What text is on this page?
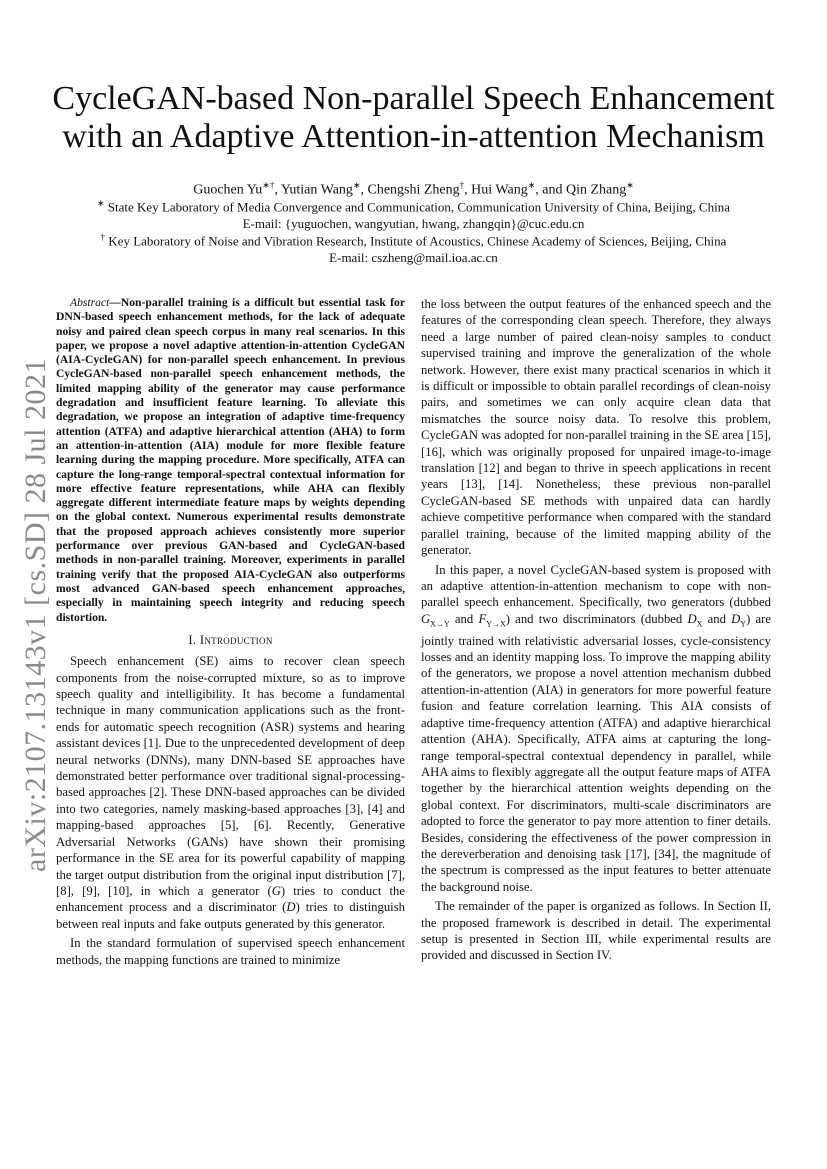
arXiv:2107.13143v1 [cs.SD] 28 Jul 2021
CycleGAN-based Non-parallel Speech Enhancement
with an Adaptive Attention-in-attention Mechanism
Guochen Yu∗†, Yutian Wang∗, Chengshi Zheng†, Hui Wang∗, and Qin Zhang∗
∗ State Key Laboratory of Media Convergence and Communication, Communication University of China, Beijing, China
E-mail: {yuguochen, wangyutian, hwang, zhangqin}@cuc.edu.cn
† Key Laboratory of Noise and Vibration Research, Institute of Acoustics, Chinese Academy of Sciences, Beijing, China
E-mail: cszheng@mail.ioa.ac.cn

Abstract—Non-parallel training is a difficult but essential task for DNN-based speech enhancement methods, for the lack of adequate noisy and paired clean speech corpus in many real scenarios. In this paper, we propose a novel adaptive attention-in-attention CycleGAN (AIA-CycleGAN) for non-parallel speech enhancement. In previous CycleGAN-based non-parallel speech enhancement methods, the limited mapping ability of the generator may cause performance degradation and insufficient feature learning. To alleviate this degradation, we propose an integration of adaptive time-frequency attention (ATFA) and adaptive hierarchical attention (AHA) to form an attention-in-attention (AIA) module for more flexible feature learning during the mapping procedure. More specifically, ATFA can capture the long-range temporal-spectral contextual information for more effective feature representations, while AHA can flexibly aggregate different intermediate feature maps by weights depending on the global context. Numerous experimental results demonstrate that the proposed approach achieves consistently more superior performance over previous GAN-based and CycleGAN-based methods in non-parallel training. Moreover, experiments in parallel training verify that the proposed AIA-CycleGAN also outperforms most advanced GAN-based speech enhancement approaches, especially in maintaining speech integrity and reducing speech distortion.

I. Introduction

Speech enhancement (SE) aims to recover clean speech components from the noise-corrupted mixture, so as to improve speech quality and intelligibility. It has become a fundamental technique in many communication applications such as the front-ends for automatic speech recognition (ASR) systems and hearing assistant devices [1]. Due to the unprecedented development of deep neural networks (DNNs), many DNN-based SE approaches have demonstrated better performance over traditional signal-processing-based approaches [2]. These DNN-based approaches can be divided into two categories, namely masking-based approaches [3], [4] and mapping-based approaches [5], [6]. Recently, Generative Adversarial Networks (GANs) have shown their promising performance in the SE area for its powerful capability of mapping the target output distribution from the original input distribution [7], [8], [9], [10], in which a generator (G) tries to conduct the enhancement process and a discriminator (D) tries to distinguish between real inputs and fake outputs generated by this generator.

In the standard formulation of supervised speech enhancement methods, the mapping functions are trained to minimize

the loss between the output features of the enhanced speech and the features of the corresponding clean speech. Therefore, they always need a large number of paired clean-noisy samples to conduct supervised training and improve the generalization of the whole network. However, there exist many practical scenarios in which it is difficult or impossible to obtain parallel recordings of clean-noisy pairs, and sometimes we can only acquire clean data that mismatches the source noisy data. To resolve this problem, CycleGAN was adopted for non-parallel training in the SE area [15], [16], which was originally proposed for unpaired image-to-image translation [12] and began to thrive in speech applications in recent years [13], [14]. Nonetheless, these previous non-parallel CycleGAN-based SE methods with unpaired data can hardly achieve competitive performance when compared with the standard parallel training, because of the limited mapping ability of the generator.

In this paper, a novel CycleGAN-based system is proposed with an adaptive attention-in-attention mechanism to cope with non-parallel speech enhancement. Specifically, two generators (dubbed $G_{X\to Y}$ and $F_{Y\to X}$) and two discriminators (dubbed $D_X$ and $D_Y$) are jointly trained with relativistic adversarial losses, cycle-consistency losses and an identity mapping loss. To improve the mapping ability of the generators, we propose a novel attention mechanism dubbed attention-in-attention (AIA) in generators for more powerful feature fusion and feature correlation learning. This AIA consists of adaptive time-frequency attention (ATFA) and adaptive hierarchical attention (AHA). Specifically, ATFA aims at capturing the long-range temporal-spectral contextual dependency in parallel, while AHA aims to flexibly aggregate all the output feature maps of ATFA together by the hierarchical attention weights depending on the global context. For discriminators, multi-scale discriminators are adopted to force the generator to pay more attention to finer details. Besides, considering the effectiveness of the power compression in the dereverberation and denoising task [17], [34], the magnitude of the spectrum is compressed as the input features to better attenuate the background noise.

The remainder of the paper is organized as follows. In Section II, the proposed framework is described in detail. The experimental setup is presented in Section III, while experimental results are provided and discussed in Section IV.
